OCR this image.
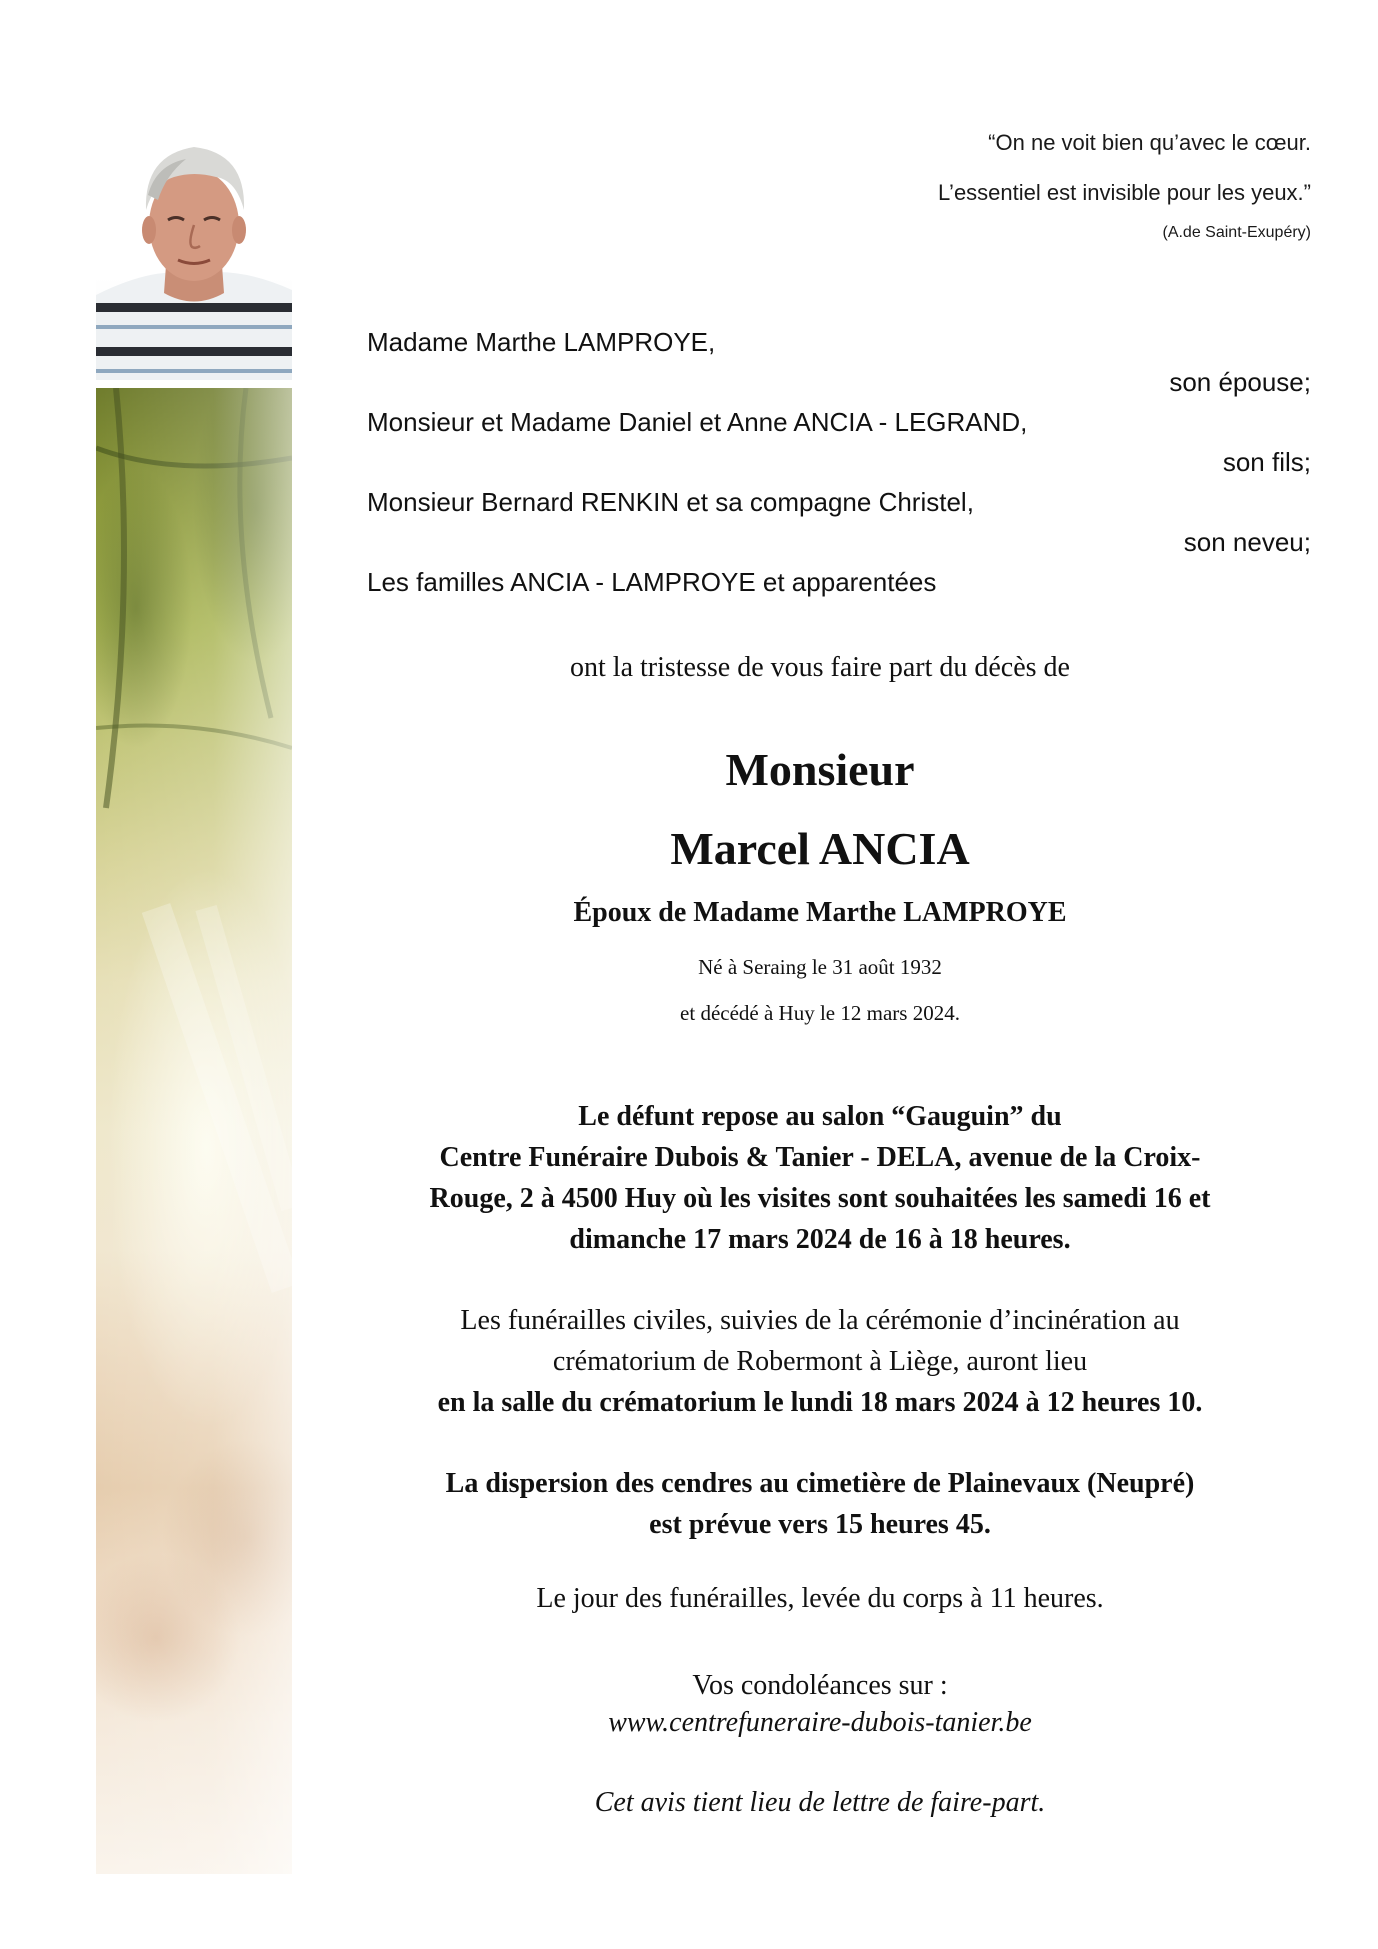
“On ne voit bien qu’avec le cœur.
L’essentiel est invisible pour les yeux.”
(A.de Saint-Exupéry)
Madame Marthe LAMPROYE,
son épouse;
Monsieur et Madame Daniel et Anne ANCIA - LEGRAND,
son fils;
Monsieur Bernard RENKIN et sa compagne Christel,
son neveu;
Les familles ANCIA - LAMPROYE et apparentées
ont la tristesse de vous faire part du décès de
Monsieur
Marcel ANCIA
Époux de Madame Marthe LAMPROYE
Né à Seraing le 31 août 1932
et décédé à Huy le 12 mars 2024.
Le défunt repose au salon “Gauguin” du
Centre Funéraire Dubois & Tanier - DELA, avenue de la Croix-
Rouge, 2 à 4500 Huy où les visites sont souhaitées les samedi 16 et
dimanche 17 mars 2024 de 16 à 18 heures.
Les funérailles civiles, suivies de la cérémonie d’incinération au
crématorium de Robermont à Liège, auront lieu
en la salle du crématorium le lundi 18 mars 2024 à 12 heures 10.
La dispersion des cendres au cimetière de Plainevaux (Neupré)
est prévue vers 15 heures 45.
Le jour des funérailles, levée du corps à 11 heures.
Vos condoléances sur :
www.centrefuneraire-dubois-tanier.be
Cet avis tient lieu de lettre de faire-part.
